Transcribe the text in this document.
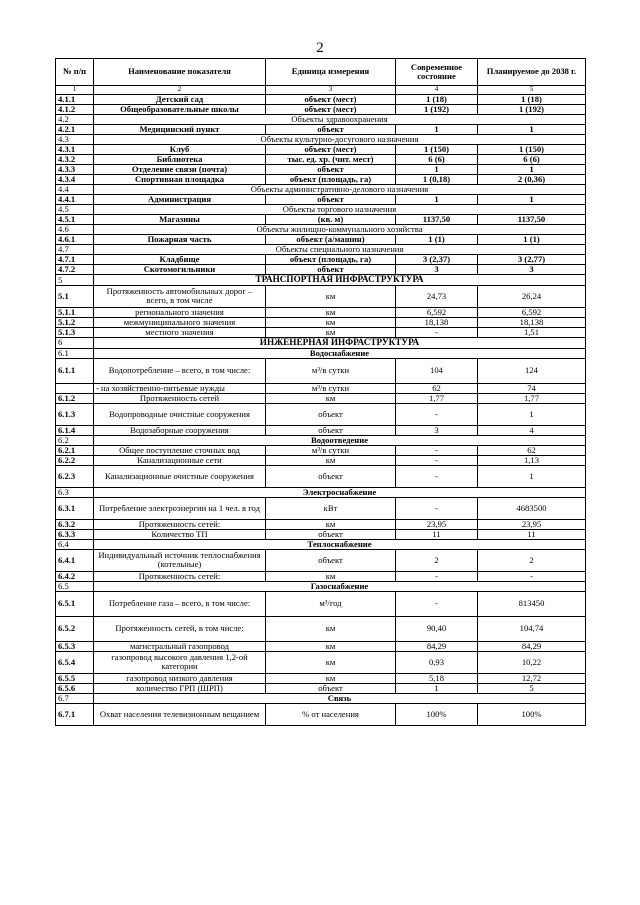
2
№ п/п	Наименование показателя	Единица измерения	Современное состояние	Планируемое до 2038 г.
1	2	3	4	5
4.1.1	Детский сад	объект (мест)	1 (18)	1 (18)
4.1.2	Общеобразовательные школы	объект (мест)	1 (192)	1 (192)
4.2	Объекты здравоохранения			
4.2.1	Медицинский пункт	объект	1	1
4.3	Объекты культурно-досугового назначения			
4.3.1	Клуб	объект (мест)	1 (150)	1 (150)
4.3.2	Библиотека	тыс. ед. хр. (чит. мест)	6 (6)	6 (6)
4.3.3	Отделение связи (почта)	объект	1	1
4.3.4	Спортивная площадка	объект (площадь, га)	1 (0,18)	2 (0,36)
4.4	Объекты административно-делового назначения			
4.4.1	Администрация	объект	1	1
4.5	Объекты торгового назначения			
4.5.1	Магазины	(кв. м)	1137,50	1137,50
4.6	Объекты жилищно-коммунального хозяйства			
4.6.1	Пожарная часть	объект (а/машин)	1 (1)	1 (1)
4.7	Объекты специального назначения			
4.7.1	Кладбище	объект (площадь, га)	3 (2,37)	3 (2,77)
4.7.2	Скотомогильники	объект	3	3
5	ТРАНСПОРТНАЯ ИНФРАСТРУКТУРА			
5.1	Протяженность автомобильных дорог – всего, в том числе	км	24,73	26,24
5.1.1	регионального значения	км	6,592	6,592
5.1.2	межмуниципального значения	км	18,138	18,138
5.1.3	местного значения	км	-	1,51
6	ИНЖЕНЕРНАЯ ИНФРАСТРУКТУРА			
6.1	Водоснабжение			
6.1.1	Водопотребление – всего, в том числе:	м³/в сутки	104	124
	- на хозяйственно-питьевые нужды	м³/в сутки	62	74
6.1.2	Протяженность сетей	км	1,77	1,77
6.1.3	Водопроводные очистные сооружения	объект	-	1
6.1.4	Водозаборные сооружения	объект	3	4
6.2	Водоотведение			
6.2.1	Общее поступление сточных вод	м³/в сутки	-	62
6.2.2	Канализационные сети	км	-	1,13
6.2.3	Канализационные очистные сооружения	объект	-	1
6.3	Электроснабжение			
6.3.1	Потребление электроэнергии на 1 чел. в год	кВт	-	4683500
6.3.2	Протяженность сетей:	км	23,95	23,95
6.3.3	Количество ТП	объект	11	11
6.4	Теплоснабжение			
6.4.1	Индивидуальный источник теплоснабжения (котельные)	объект	2	2
6.4.2	Протяженность сетей:	км	-	-
6.5	Газоснабжение			
6.5.1	Потребление газа – всего, в том числе:	м³/год	-	813450
6.5.2	Протяженность сетей, в том числе:	км	90,40	104,74
6.5.3	магистральный газопровод	км	84,29	84,29
6.5.4	газопровод высокого давления 1,2-ой категории	км	0,93	10,22
6.5.5	газопровод низкого давления	км	5,18	12,72
6.5.6	количество ГРП (ШРП)	объект	1	5
6.7	Связь			
6.7.1	Охват населения телевизионным вещанием	% от населения	100%	100%
